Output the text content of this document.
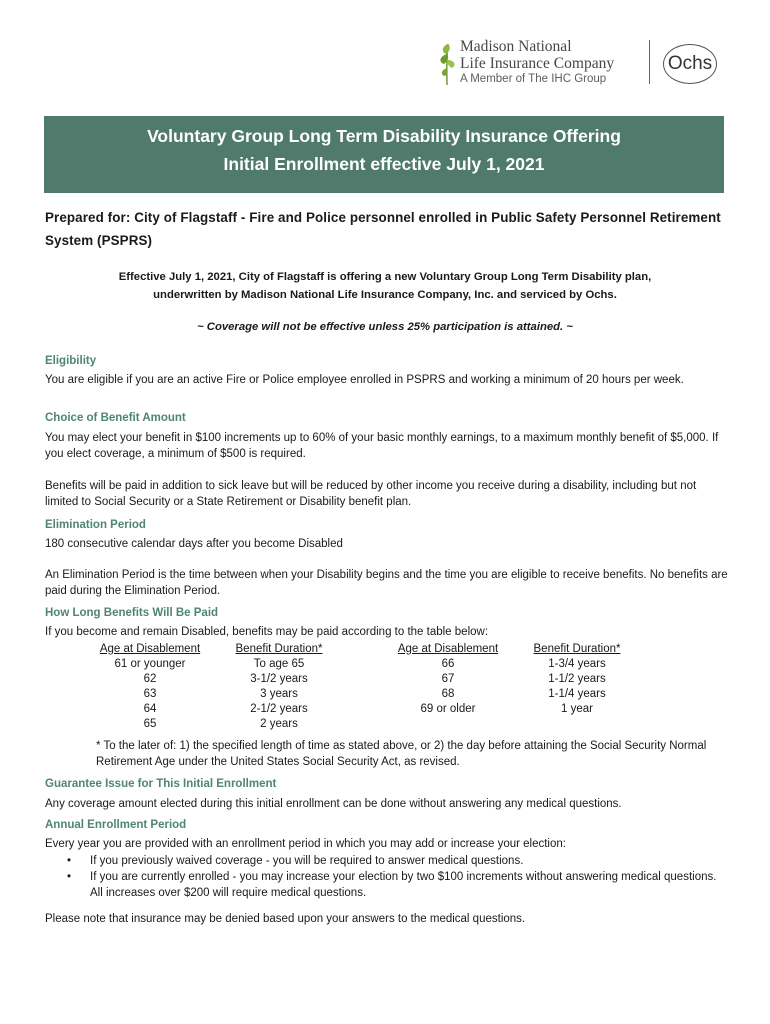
Madison National
Life Insurance Company
A Member of The IHC Group
Ochs
Voluntary Group Long Term Disability Insurance Offering
Initial Enrollment effective July 1, 2021
Prepared for: City of Flagstaff - Fire and Police personnel enrolled in Public Safety Personnel Retirement System (PSPRS)
Effective July 1, 2021, City of Flagstaff is offering a new Voluntary Group Long Term Disability plan,
underwritten by Madison National Life Insurance Company, Inc. and serviced by Ochs.
~ Coverage will not be effective unless 25% participation is attained. ~
Eligibility
You are eligible if you are an active Fire or Police employee enrolled in PSPRS and working a minimum of 20 hours per week.
Choice of Benefit Amount
You may elect your benefit in $100 increments up to 60% of your basic monthly earnings, to a maximum monthly benefit of $5,000. If you elect coverage, a minimum of $500 is required.
Benefits will be paid in addition to sick leave but will be reduced by other income you receive during a disability, including but not limited to Social Security or a State Retirement or Disability benefit plan.
Elimination Period
180 consecutive calendar days after you become Disabled
An Elimination Period is the time between when your Disability begins and the time you are eligible to receive benefits. No benefits are paid during the Elimination Period.
How Long Benefits Will Be Paid
If you become and remain Disabled, benefits may be paid according to the table below:
Age at Disablement
61 or younger
62
63
64
65
Benefit Duration*
To age 65
3-1/2 years
3 years
2-1/2 years
2 years
Age at Disablement
66
67
68
69 or older
Benefit Duration*
1-3/4 years
1-1/2 years
1-1/4 years
1 year
* To the later of: 1) the specified length of time as stated above, or 2) the day before attaining the Social Security Normal Retirement Age under the United States Social Security Act, as revised.
Guarantee Issue for This Initial Enrollment
Any coverage amount elected during this initial enrollment can be done without answering any medical questions.
Annual Enrollment Period
Every year you are provided with an enrollment period in which you may add or increase your election:
• If you previously waived coverage - you will be required to answer medical questions.
• If you are currently enrolled - you may increase your election by two $100 increments without answering medical questions. All increases over $200 will require medical questions.
Please note that insurance may be denied based upon your answers to the medical questions.
